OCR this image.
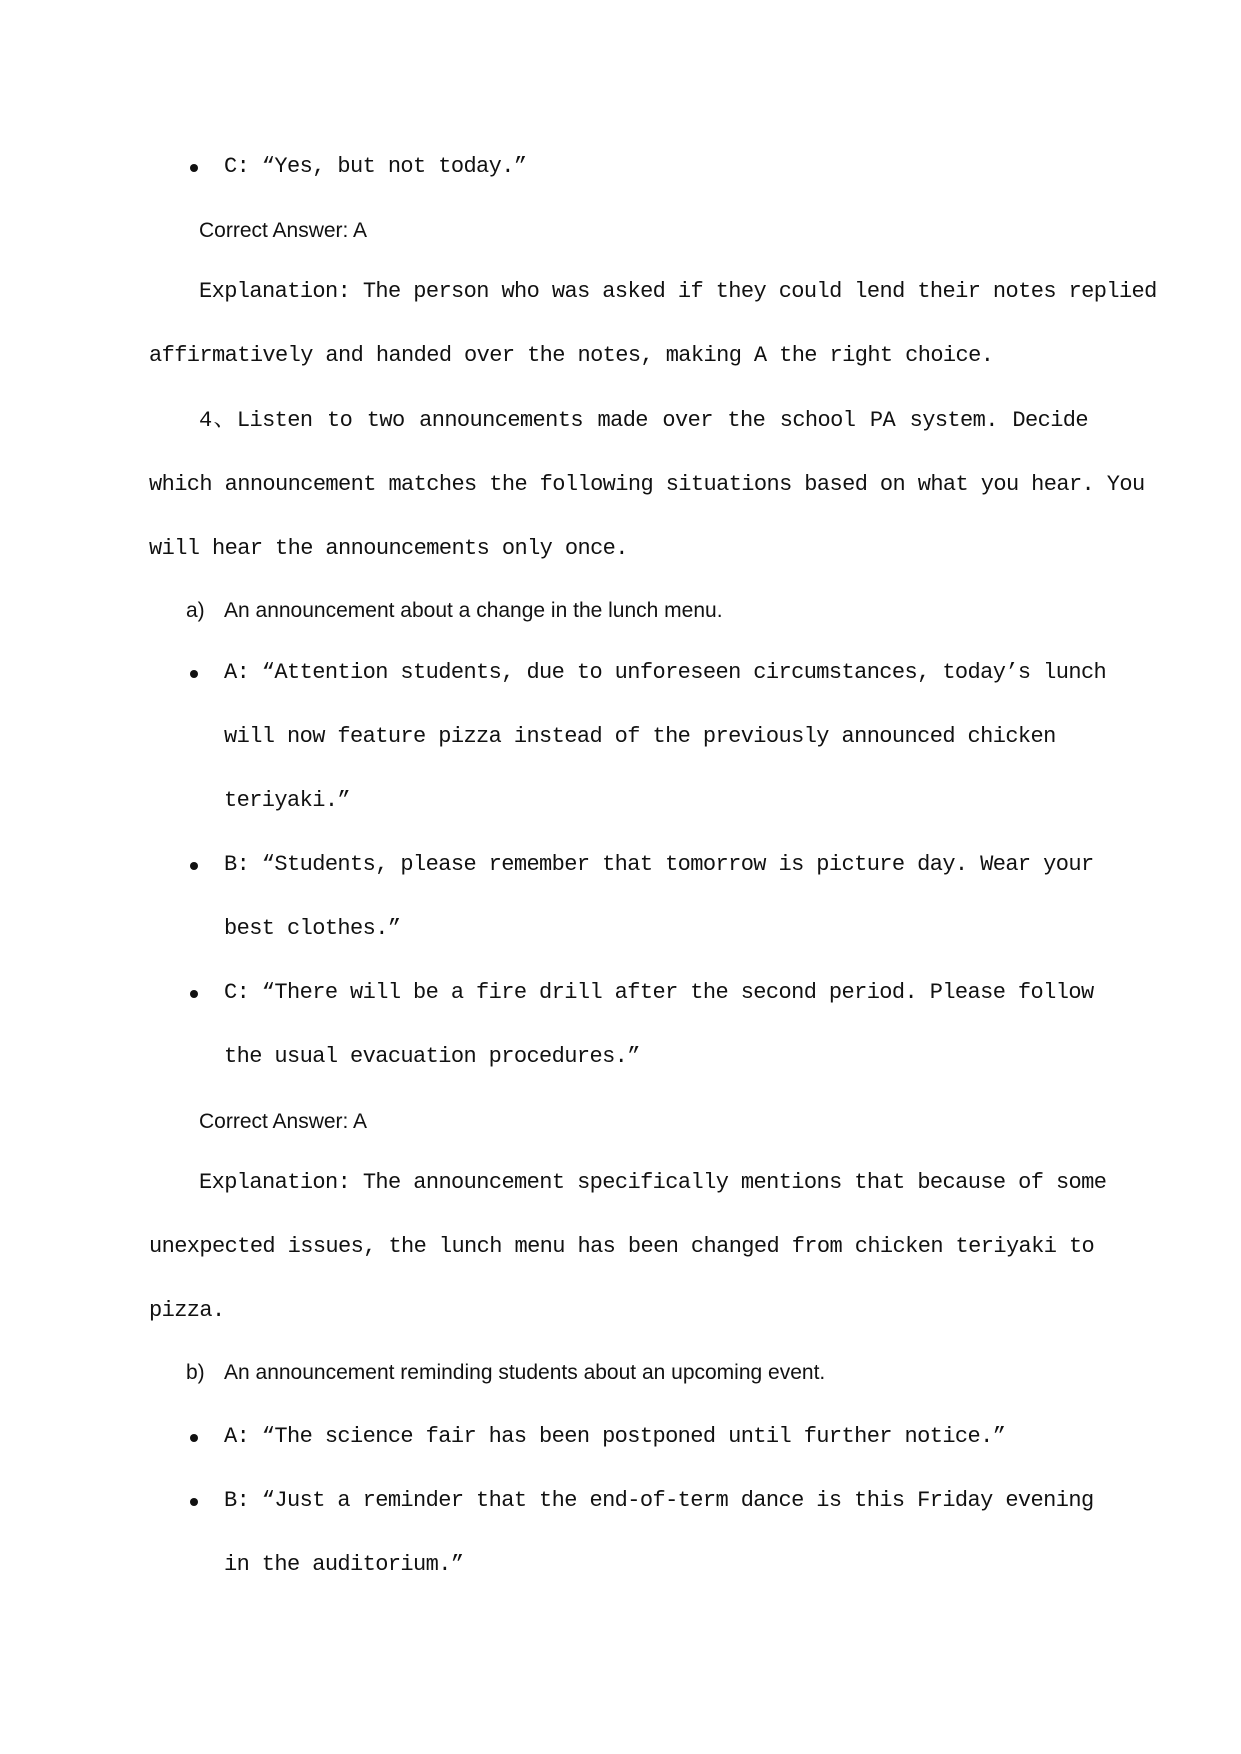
C: “Yes, but not today.”
Correct Answer: A
Explanation: The person who was asked if they could lend their notes replied
affirmatively and handed over the notes, making A the right choice.
4、Listen to two announcements made over the school PA system. Decide
which announcement matches the following situations based on what you hear. You
will hear the announcements only once.
a) An announcement about a change in the lunch menu.
A: “Attention students, due to unforeseen circumstances, today’s lunch
will now feature pizza instead of the previously announced chicken
teriyaki.”
B: “Students, please remember that tomorrow is picture day. Wear your
best clothes.”
C: “There will be a fire drill after the second period. Please follow
the usual evacuation procedures.”
Correct Answer: A
Explanation: The announcement specifically mentions that because of some
unexpected issues, the lunch menu has been changed from chicken teriyaki to
pizza.
b) An announcement reminding students about an upcoming event.
A: “The science fair has been postponed until further notice.”
B: “Just a reminder that the end-of-term dance is this Friday evening
in the auditorium.”
